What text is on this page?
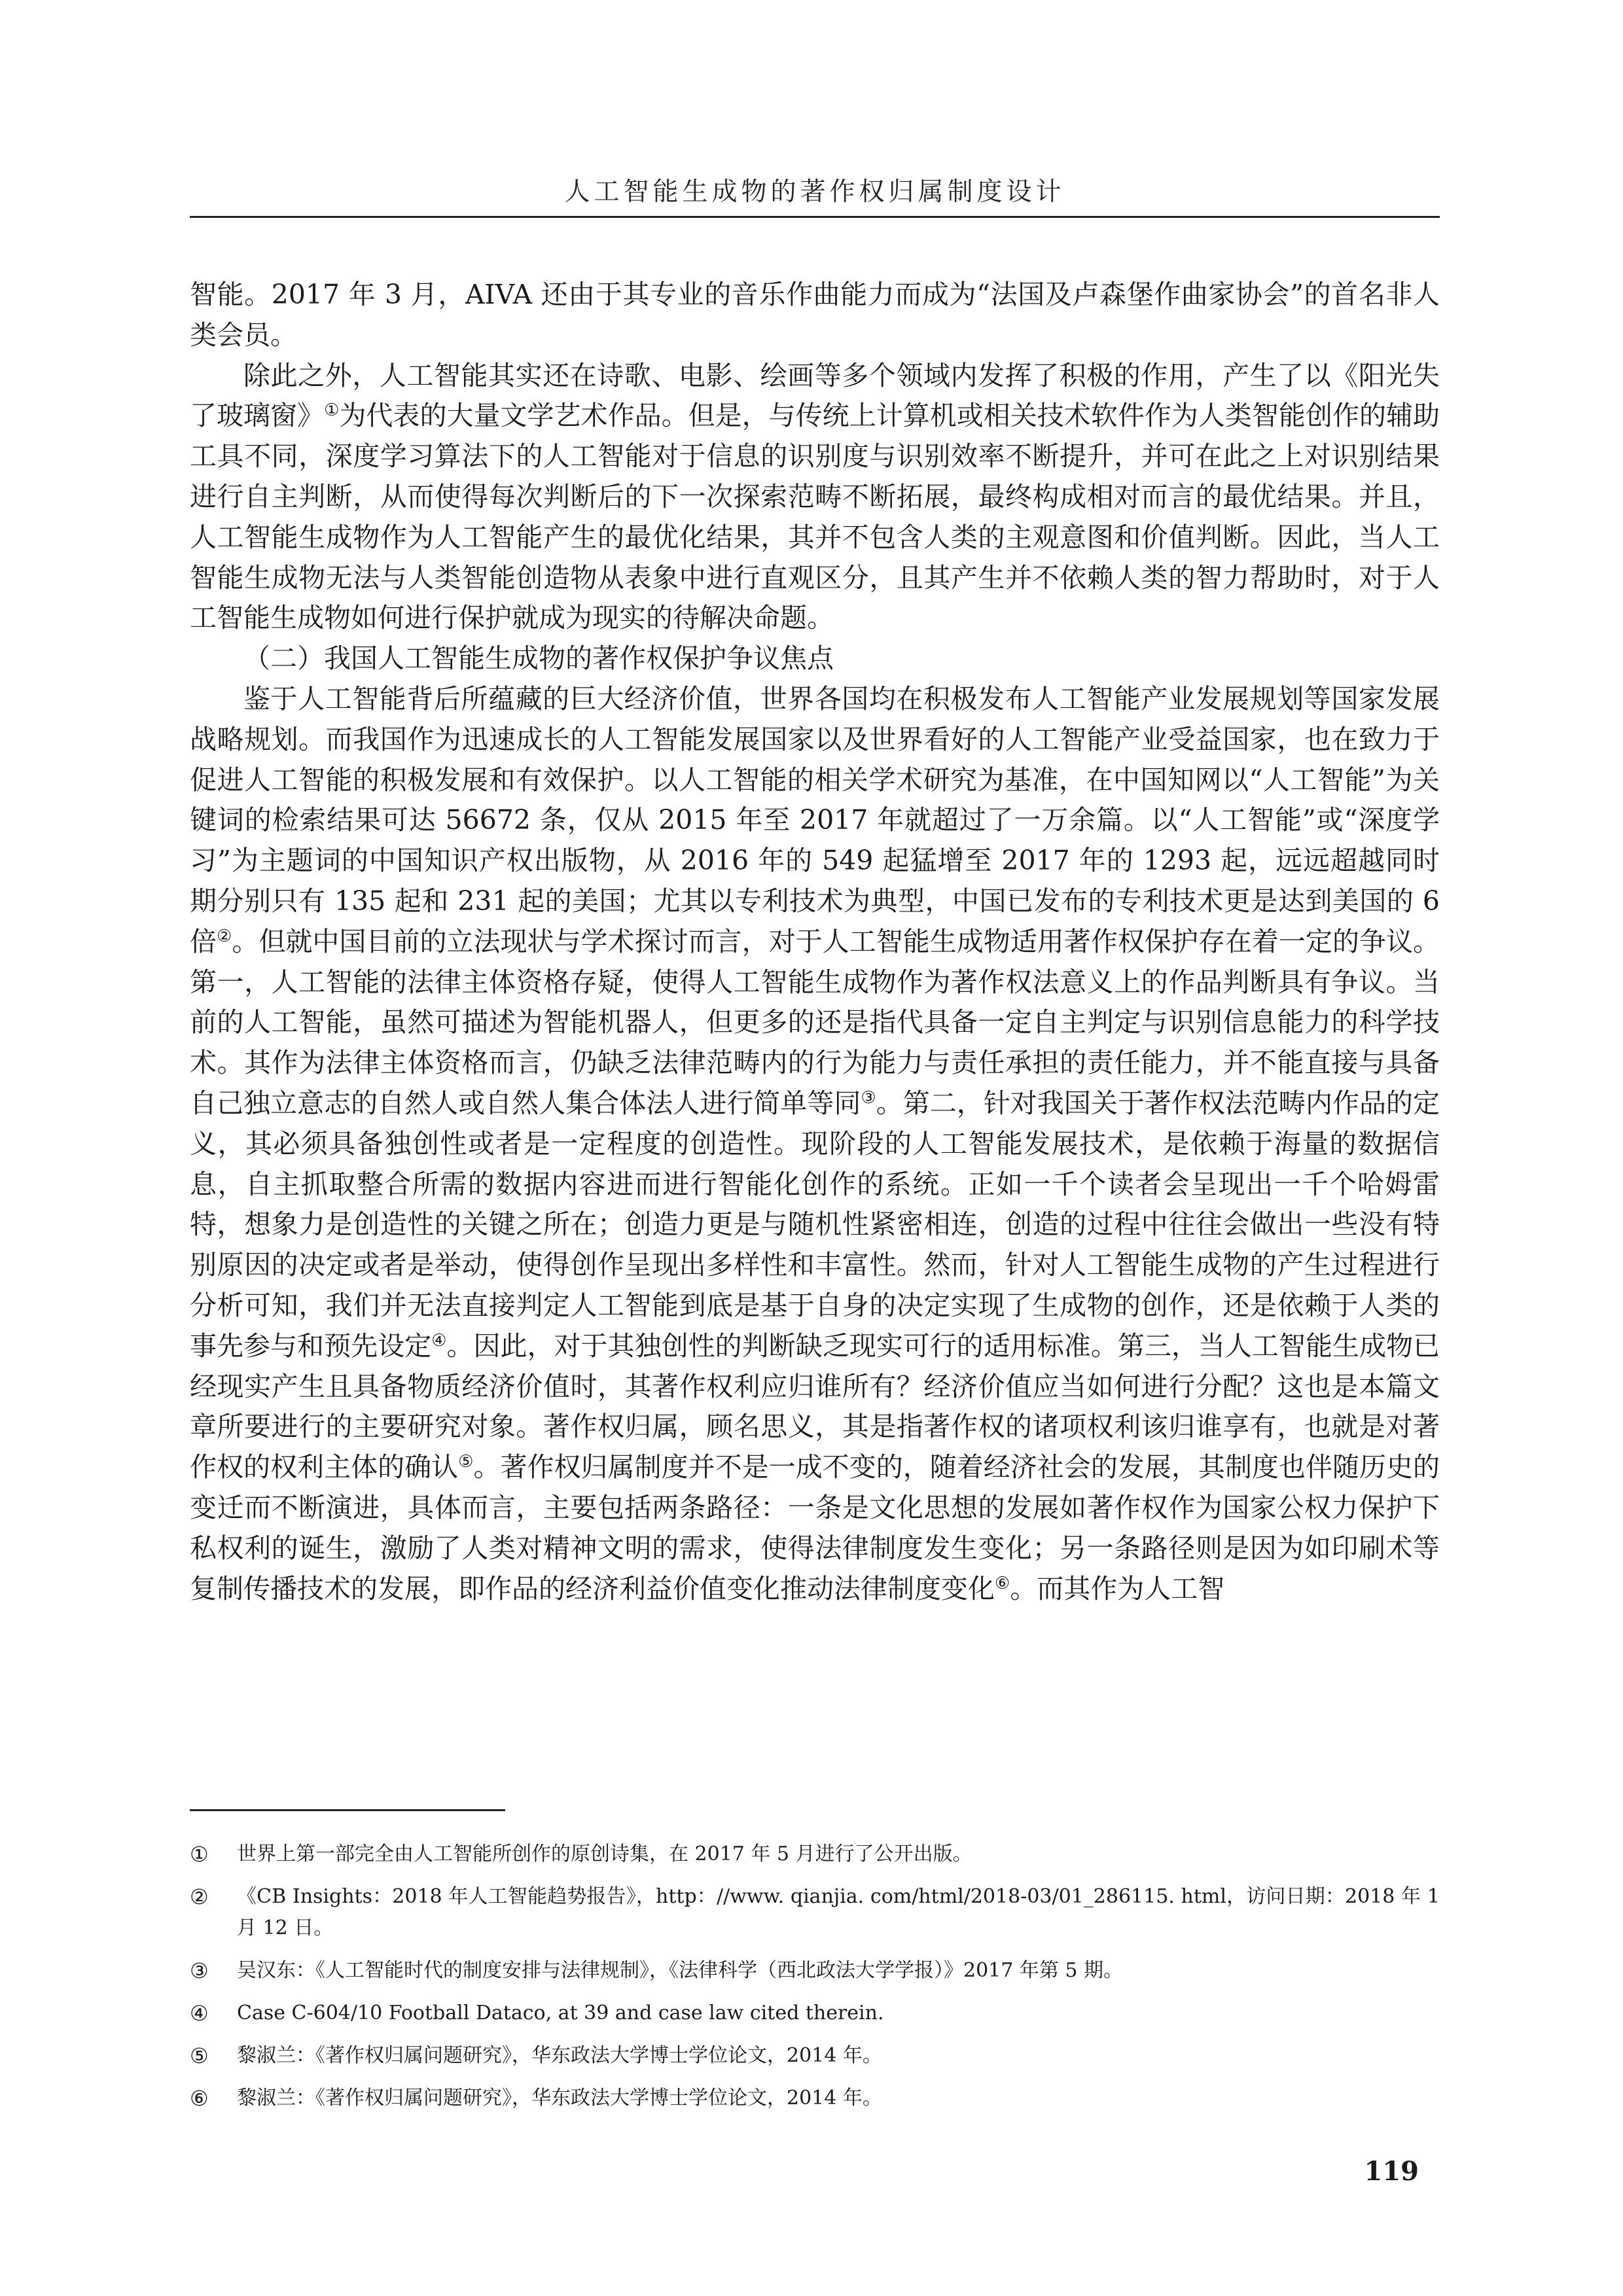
人工智能生成物的著作权归属制度设计

智能。2017 年 3 月，AIVA 还由于其专业的音乐作曲能力而成为“法国及卢森堡作曲家协会”的首名非人类会员。

除此之外，人工智能其实还在诗歌、电影、绘画等多个领域内发挥了积极的作用，产生了以《阳光失了玻璃窗》①为代表的大量文学艺术作品。但是，与传统上计算机或相关技术软件作为人类智能创作的辅助工具不同，深度学习算法下的人工智能对于信息的识别度与识别效率不断提升，并可在此之上对识别结果进行自主判断，从而使得每次判断后的下一次探索范畴不断拓展，最终构成相对而言的最优结果。并且，人工智能生成物作为人工智能产生的最优化结果，其并不包含人类的主观意图和价值判断。因此，当人工智能生成物无法与人类智能创造物从表象中进行直观区分，且其产生并不依赖人类的智力帮助时，对于人工智能生成物如何进行保护就成为现实的待解决命题。

（二）我国人工智能生成物的著作权保护争议焦点

鉴于人工智能背后所蕴藏的巨大经济价值，世界各国均在积极发布人工智能产业发展规划等国家发展战略规划。而我国作为迅速成长的人工智能发展国家以及世界看好的人工智能产业受益国家，也在致力于促进人工智能的积极发展和有效保护。以人工智能的相关学术研究为基准，在中国知网以“人工智能”为关键词的检索结果可达 56672 条，仅从 2015 年至 2017 年就超过了一万余篇。以“人工智能”或“深度学习”为主题词的中国知识产权出版物，从 2016 年的 549 起猛增至 2017 年的 1293 起，远远超越同时期分别只有 135 起和 231 起的美国；尤其以专利技术为典型，中国已发布的专利技术更是达到美国的 6 倍②。但就中国目前的立法现状与学术探讨而言，对于人工智能生成物适用著作权保护存在着一定的争议。第一，人工智能的法律主体资格存疑，使得人工智能生成物作为著作权法意义上的作品判断具有争议。当前的人工智能，虽然可描述为智能机器人，但更多的还是指代具备一定自主判定与识别信息能力的科学技术。其作为法律主体资格而言，仍缺乏法律范畴内的行为能力与责任承担的责任能力，并不能直接与具备自己独立意志的自然人或自然人集合体法人进行简单等同③。第二，针对我国关于著作权法范畴内作品的定义，其必须具备独创性或者是一定程度的创造性。现阶段的人工智能发展技术，是依赖于海量的数据信息，自主抓取整合所需的数据内容进而进行智能化创作的系统。正如一千个读者会呈现出一千个哈姆雷特，想象力是创造性的关键之所在；创造力更是与随机性紧密相连，创造的过程中往往会做出一些没有特别原因的决定或者是举动，使得创作呈现出多样性和丰富性。然而，针对人工智能生成物的产生过程进行分析可知，我们并无法直接判定人工智能到底是基于自身的决定实现了生成物的创作，还是依赖于人类的事先参与和预先设定④。因此，对于其独创性的判断缺乏现实可行的适用标准。第三，当人工智能生成物已经现实产生且具备物质经济价值时，其著作权利应归谁所有？经济价值应当如何进行分配？这也是本篇文章所要进行的主要研究对象。著作权归属，顾名思义，其是指著作权的诸项权利该归谁享有，也就是对著作权的权利主体的确认⑤。著作权归属制度并不是一成不变的，随着经济社会的发展，其制度也伴随历史的变迁而不断演进，具体而言，主要包括两条路径：一条是文化思想的发展如著作权作为国家公权力保护下私权利的诞生，激励了人类对精神文明的需求，使得法律制度发生变化；另一条路径则是因为如印刷术等复制传播技术的发展，即作品的经济利益价值变化推动法律制度变化⑥。而其作为人工智

①	世界上第一部完全由人工智能所创作的原创诗集，在 2017 年 5 月进行了公开出版。
②	《CB Insights：2018 年人工智能趋势报告》，http：//www. qianjia. com/html/2018-03/01_286115. html，访问日期：2018 年 1 月 12 日。
③	吴汉东：《人工智能时代的制度安排与法律规制》，《法律科学（西北政法大学学报）》2017 年第 5 期。
④	Case C-604/10 Football Dataco, at 39 and case law cited therein.
⑤	黎淑兰：《著作权归属问题研究》，华东政法大学博士学位论文，2014 年。
⑥	黎淑兰：《著作权归属问题研究》，华东政法大学博士学位论文，2014 年。
119
